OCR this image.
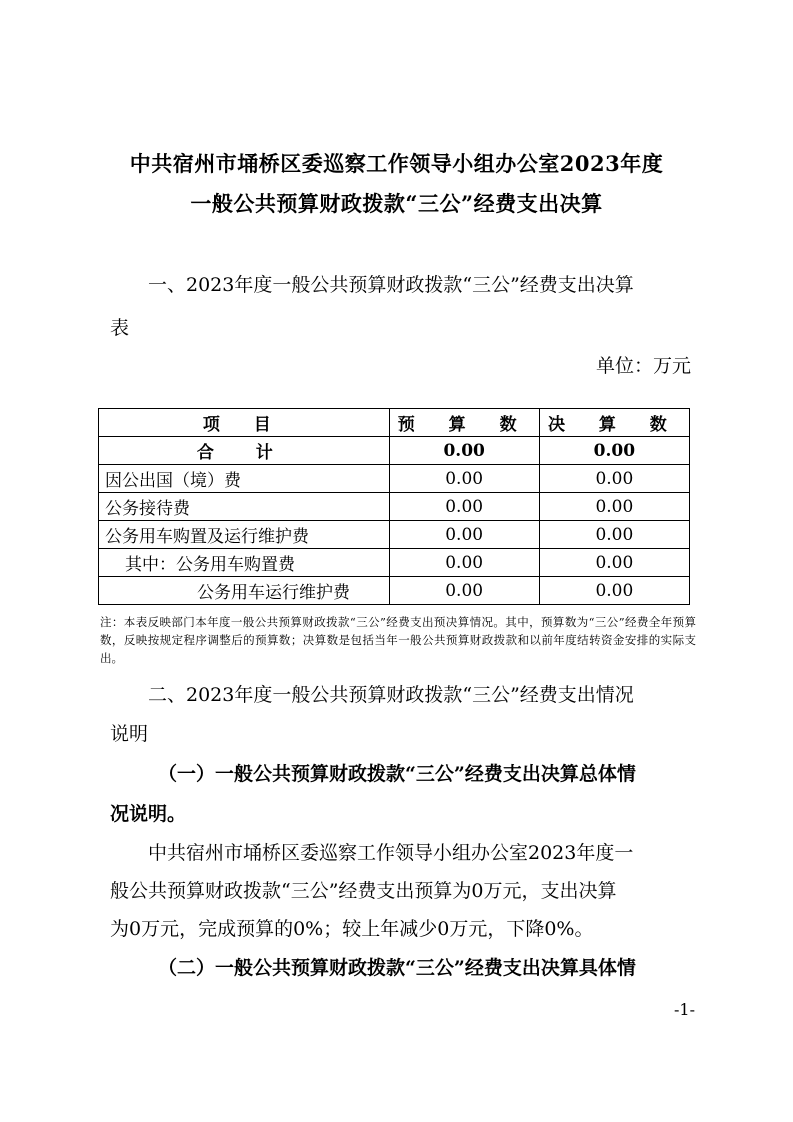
中共宿州市埇桥区委巡察工作领导小组办公室2023年度
一般公共预算财政拨款“三公”经费支出决算
一、2023年度一般公共预算财政拨款“三公”经费支出决算
表
单位：万元
项 目	预 算 数	决 算 数
合 计	0.00	0.00
因公出国（境）费	0.00	0.00
公务接待费	0.00	0.00
公务用车购置及运行维护费	0.00	0.00
其中：公务用车购置费	0.00	0.00
公务用车运行维护费	0.00	0.00
注：本表反映部门本年度一般公共预算财政拨款“三公”经费支出预决算情况。其中，预算数为“三公”经费全年预算数，反映按规定程序调整后的预算数；决算数是包括当年一般公共预算财政拨款和以前年度结转资金安排的实际支出。
二、2023年度一般公共预算财政拨款“三公”经费支出情况
说明
（一）一般公共预算财政拨款“三公”经费支出决算总体情
况说明。
中共宿州市埇桥区委巡察工作领导小组办公室2023年度一
般公共预算财政拨款“三公”经费支出预算为0万元，支出决算
为0万元，完成预算的0%；较上年减少0万元，下降0%。
（二）一般公共预算财政拨款“三公”经费支出决算具体情
-1-
